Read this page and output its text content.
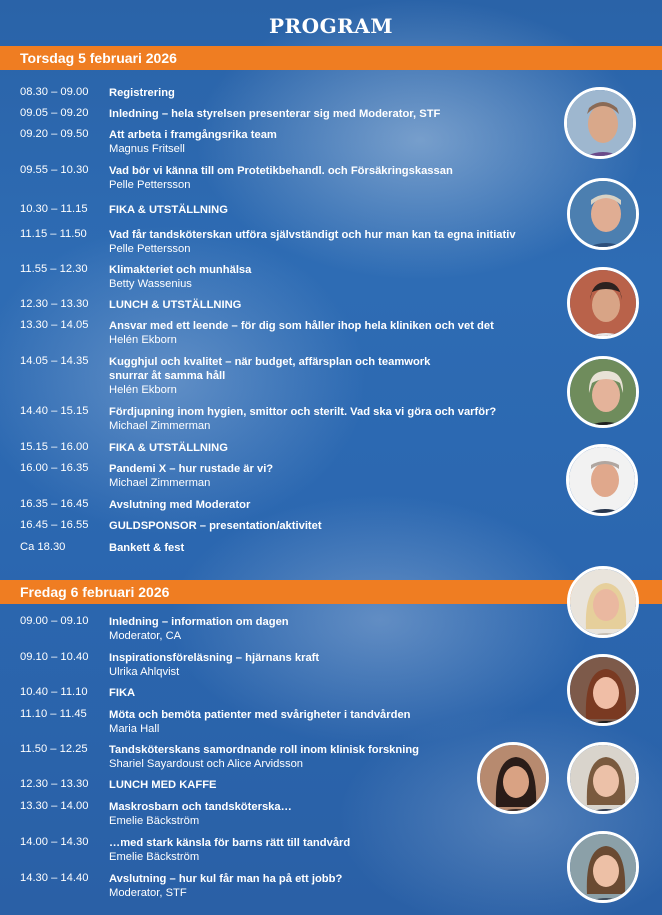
PROGRAM
Torsdag 5 februari 2026
08.30 – 09.00	Registrering
09.05 – 09.20	Inledning – hela styrelsen presenterar sig med Moderator, STF
09.20 – 09.50	Att arbeta i framgångsrika team
Magnus Fritsell
09.55 – 10.30	Vad bör vi känna till om Protetikbehandl. och Försäkringskassan
Pelle Pettersson
10.30 – 11.15	FIKA & UTSTÄLLNING
11.15 – 11.50	Vad får tandsköterskan utföra självständigt och hur man kan ta egna initiativ
Pelle Pettersson
11.55 – 12.30	Klimakteriet och munhälsa
Betty Wassenius
12.30 – 13.30	LUNCH & UTSTÄLLNING
13.30 – 14.05	Ansvar med ett leende – för dig som håller ihop hela kliniken och vet det
Helén Ekborn
14.05 – 14.35	Kugghjul och kvalitet – när budget, affärsplan och teamwork
snurrar åt samma håll
Helén Ekborn
14.40 – 15.15	Fördjupning inom hygien, smittor och sterilt. Vad ska vi göra och varför?
Michael Zimmerman
15.15 – 16.00	FIKA & UTSTÄLLNING
16.00 – 16.35	Pandemi X – hur rustade är vi?
Michael Zimmerman
16.35 – 16.45	Avslutning med Moderator
16.45 – 16.55	GULDSPONSOR – presentation/aktivitet
Ca 18.30	Bankett & fest
Fredag 6 februari 2026
09.00 – 09.10	Inledning – information om dagen
Moderator, CA
09.10 – 10.40	Inspirationsföreläsning – hjärnans kraft
Ulrika Ahlqvist
10.40 – 11.10	FIKA
11.10 – 11.45	Möta och bemöta patienter med svårigheter i tandvården
Maria Hall
11.50 – 12.25	Tandsköterskans samordnande roll inom klinisk forskning
Shariel Sayardoust och Alice Arvidsson
12.30 – 13.30	LUNCH MED KAFFE
13.30 – 14.00	Maskrosbarn och tandsköterska…
Emelie Bäckström
14.00 – 14.30	…med stark känsla för barns rätt till tandvård
Emelie Bäckström
14.30 – 14.40	Avslutning – hur kul får man ha på ett jobb?
Moderator, STF
